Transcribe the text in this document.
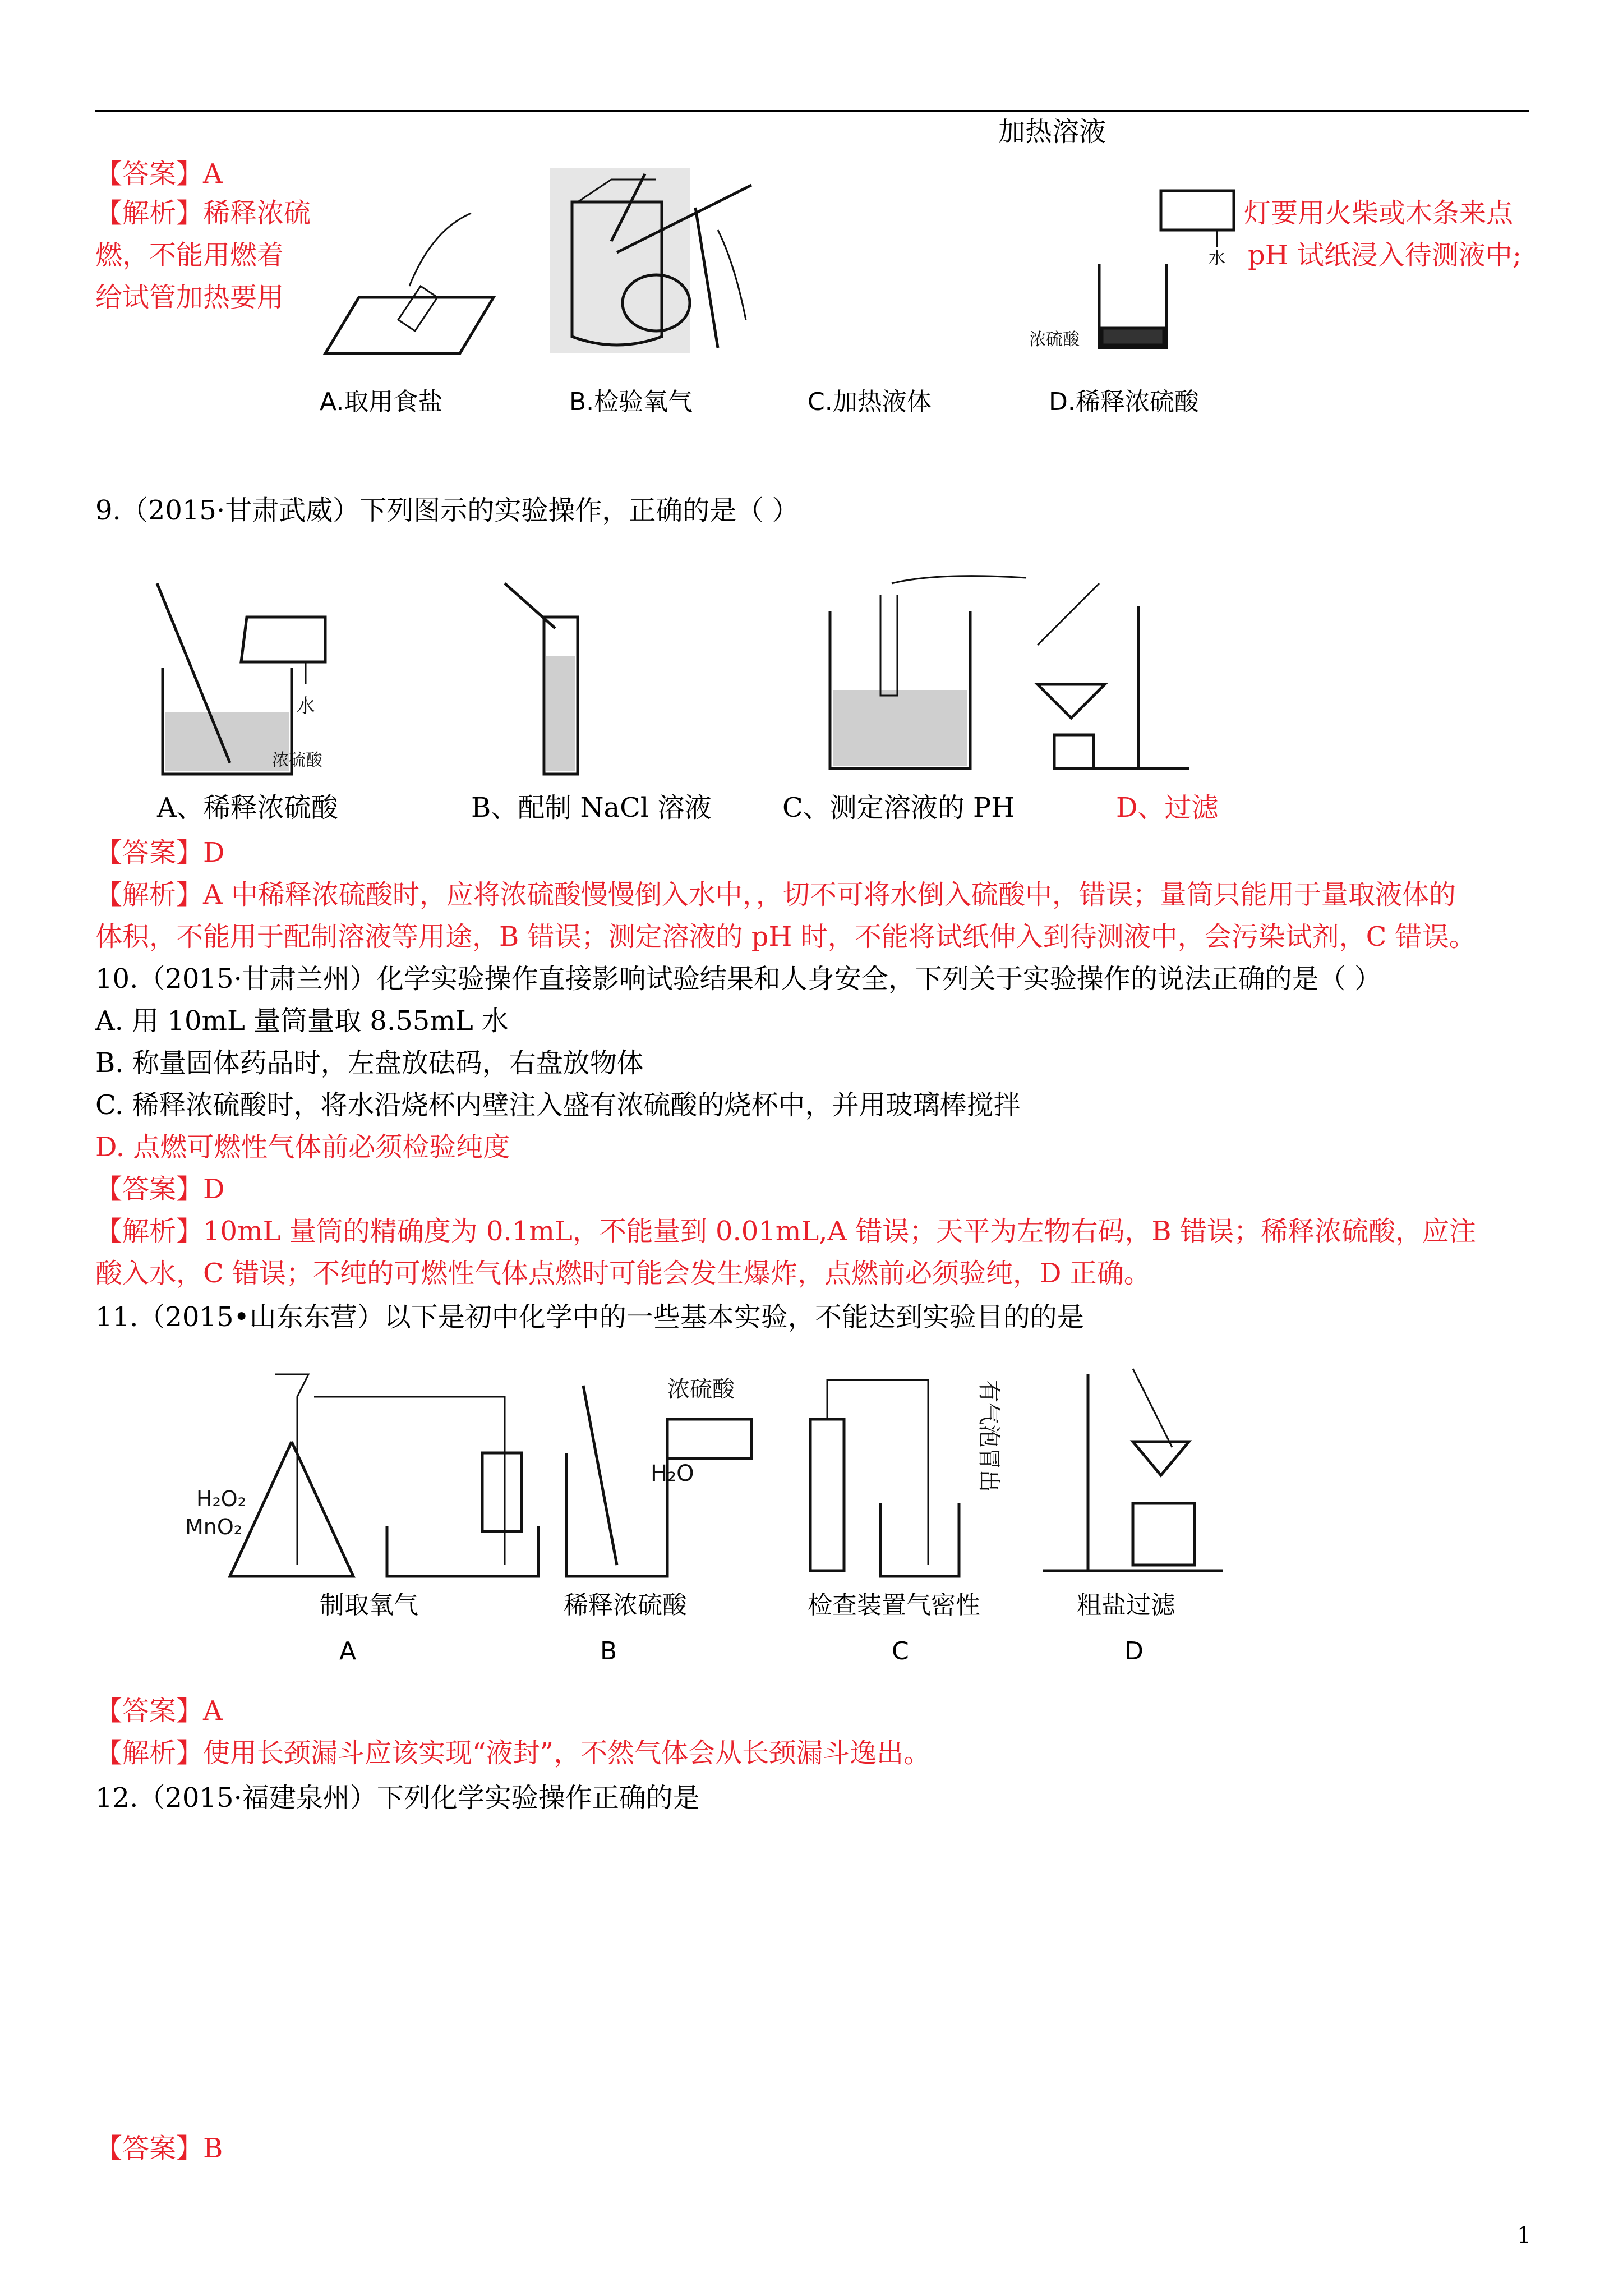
加热溶液
【答案】A
【解析】稀释浓硫
燃，不能用燃着
给试管加热要用
灯要用火柴或木条来点
pH 试纸浸入待测液中;
水
浓硫酸
A.取用食盐	B.检验氧气	C.加热液体	D.稀释浓硫酸
9.（2015·甘肃武威）下列图示的实验操作，正确的是（ ）
水
浓硫酸
A、稀释浓硫酸	B、配制 NaCl 溶液	C、测定溶液的 PH	D、过滤
【答案】D
【解析】A 中稀释浓硫酸时，应将浓硫酸慢慢倒入水中，，切不可将水倒入硫酸中，错误；量筒只能用于量取液体的
体积，不能用于配制溶液等用途，B 错误；测定溶液的 pH 时，不能将试纸伸入到待测液中，会污染试剂，C 错误。
10.（2015·甘肃兰州）化学实验操作直接影响试验结果和人身安全，下列关于实验操作的说法正确的是（ ）
A. 用 10mL 量筒量取 8.55mL 水
B. 称量固体药品时，左盘放砝码，右盘放物体
C. 稀释浓硫酸时，将水沿烧杯内壁注入盛有浓硫酸的烧杯中，并用玻璃棒搅拌
D. 点燃可燃性气体前必须检验纯度
【答案】D
【解析】10mL 量筒的精确度为 0.1mL，不能量到 0.01mL,A 错误；天平为左物右码，B 错误；稀释浓硫酸，应注
酸入水，C 错误；不纯的可燃性气体点燃时可能会发生爆炸，点燃前必须验纯，D 正确。
11.（2015•山东东营）以下是初中化学中的一些基本实验，不能达到实验目的的是
H₂O₂
MnO₂
浓硫酸
H₂O	有气泡冒出
制取氧气	稀释浓硫酸	检查装置气密性	粗盐过滤
A	B	C	D
【答案】A
【解析】使用长颈漏斗应该实现“液封”，不然气体会从长颈漏斗逸出。
12.（2015·福建泉州）下列化学实验操作正确的是
【答案】B
1
